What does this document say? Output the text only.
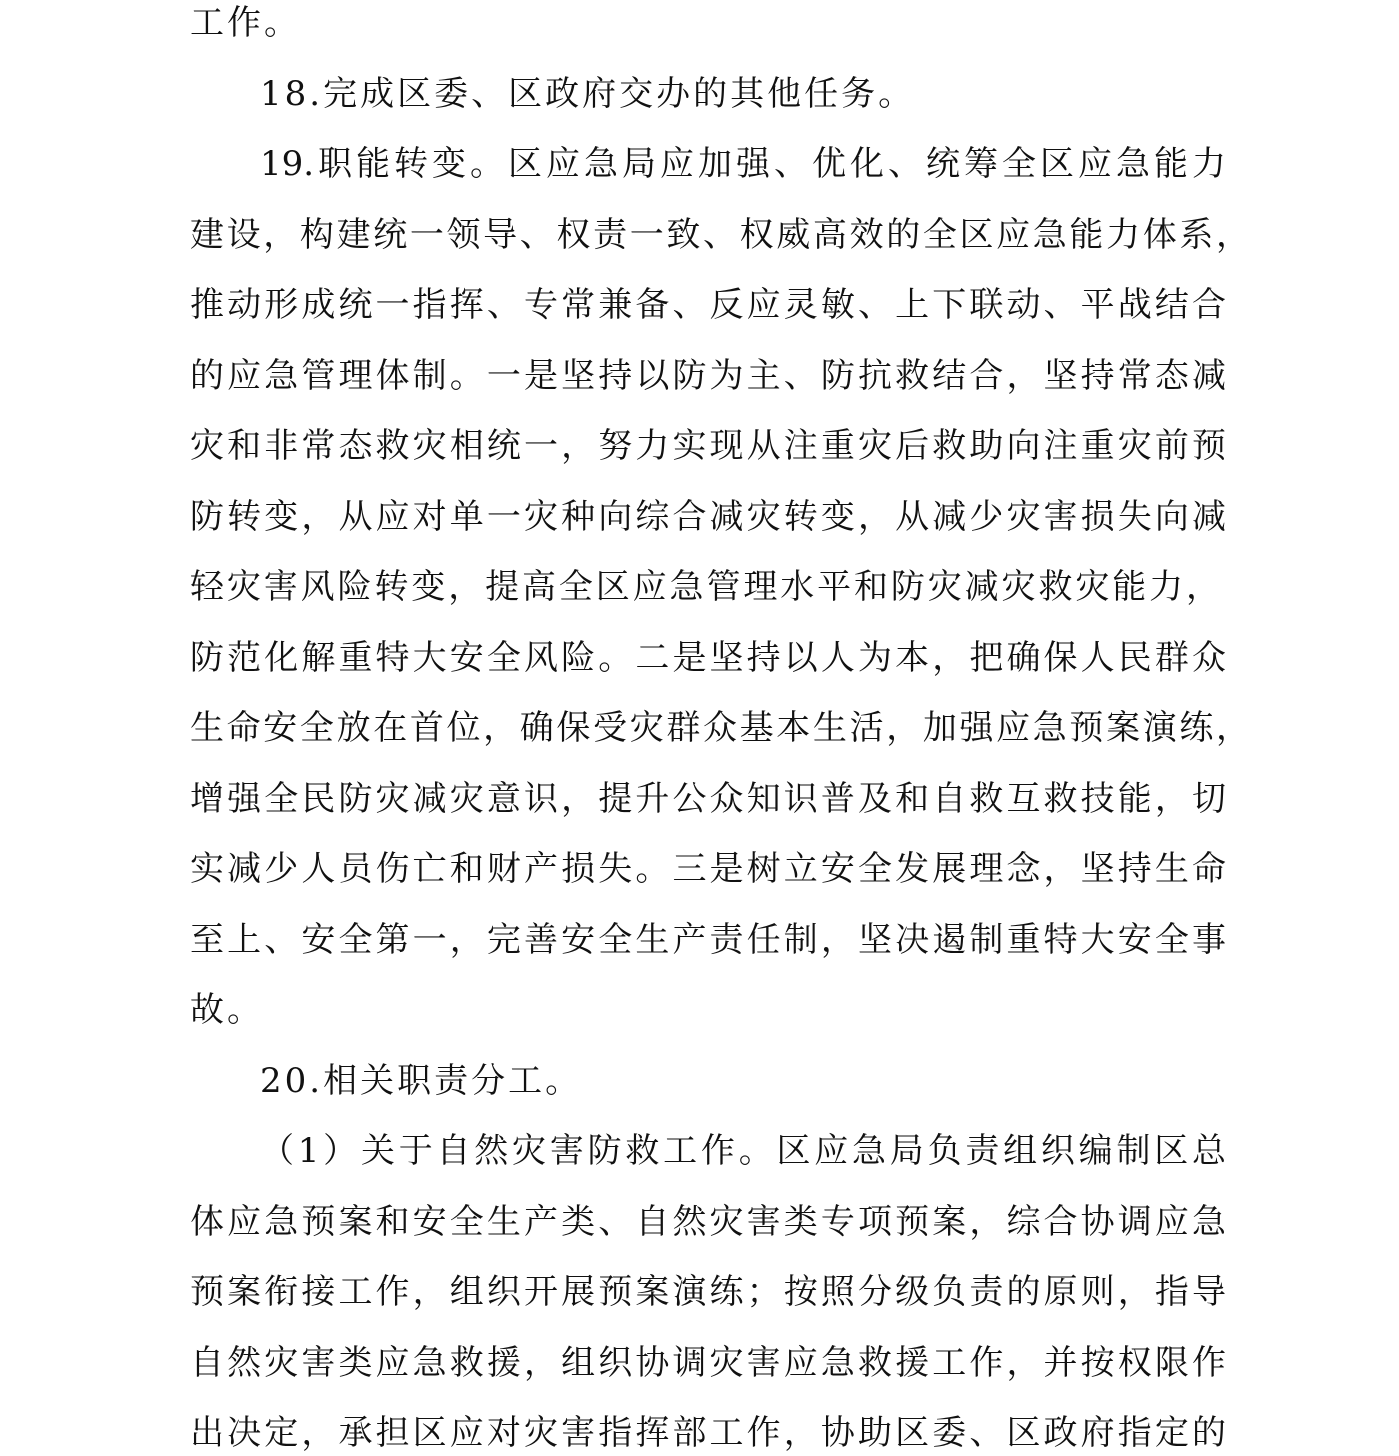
工作。
18.完成区委、区政府交办的其他任务。
19.职能转变。区应急局应加强、优化、统筹全区应急能力
建设，构建统一领导、权责一致、权威高效的全区应急能力体系，
推动形成统一指挥、专常兼备、反应灵敏、上下联动、平战结合
的应急管理体制。一是坚持以防为主、防抗救结合，坚持常态减
灾和非常态救灾相统一，努力实现从注重灾后救助向注重灾前预
防转变，从应对单一灾种向综合减灾转变，从减少灾害损失向减
轻灾害风险转变，提高全区应急管理水平和防灾减灾救灾能力，
防范化解重特大安全风险。二是坚持以人为本，把确保人民群众
生命安全放在首位，确保受灾群众基本生活，加强应急预案演练，
增强全民防灾减灾意识，提升公众知识普及和自救互救技能，切
实减少人员伤亡和财产损失。三是树立安全发展理念，坚持生命
至上、安全第一，完善安全生产责任制，坚决遏制重特大安全事
故。
20.相关职责分工。
（1）关于自然灾害防救工作。区应急局负责组织编制区总
体应急预案和安全生产类、自然灾害类专项预案，综合协调应急
预案衔接工作，组织开展预案演练；按照分级负责的原则，指导
自然灾害类应急救援，组织协调灾害应急救援工作，并按权限作
出决定，承担区应对灾害指挥部工作，协助区委、区政府指定的
